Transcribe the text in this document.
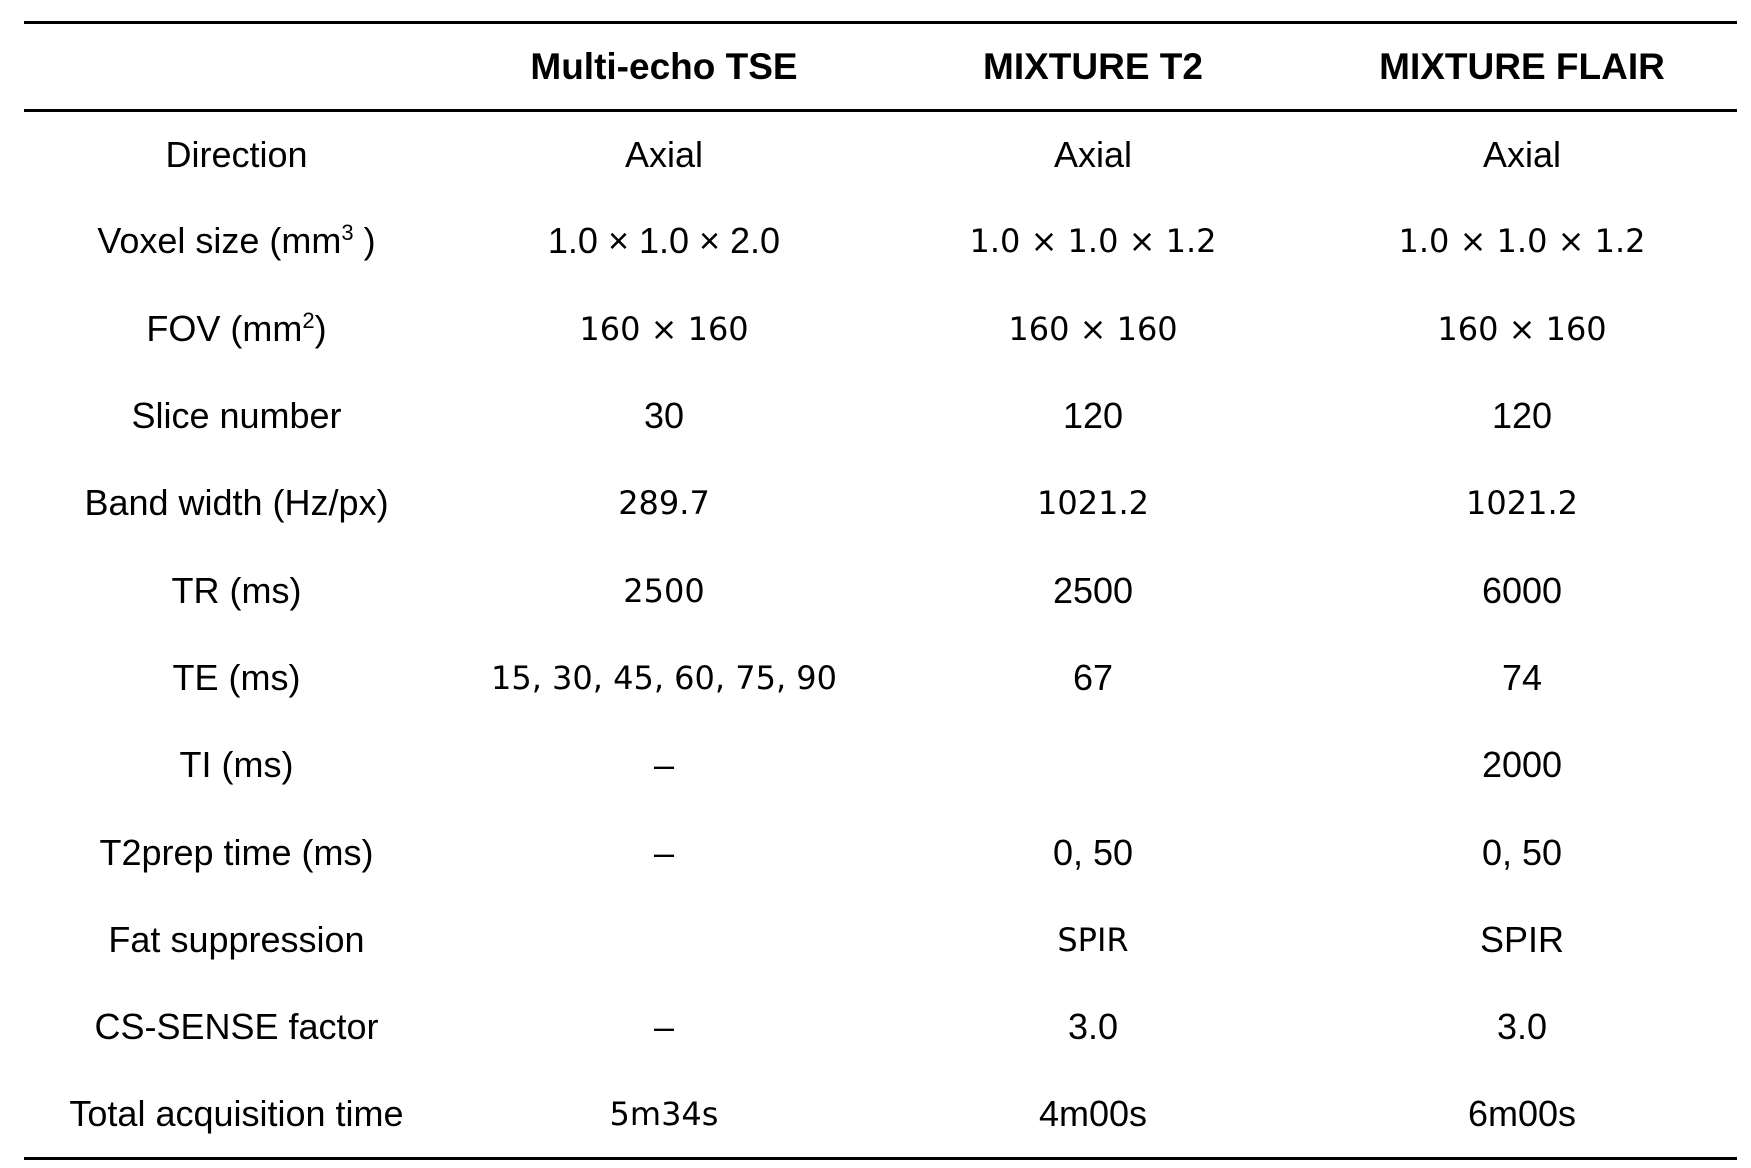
	Multi-echo TSE	MIXTURE T2	MIXTURE FLAIR
Direction	Axial	Axial	Axial
Voxel size ($mm^3$ )	1.0 × 1.0 × 2.0	1.0 × 1.0 × 1.2	1.0 × 1.0 × 1.2
FOV $(mm^2)$	160 × 160	160 × 160	160 × 160
Slice number	30	120	120
Band width (Hz/px)	289.7	1021.2	1021.2
TR (ms)	2500	2500	6000
TE (ms)	15, 30, 45, 60, 75, 90	67	74
TI (ms)	–		2000
T2prep time (ms)	–	0, 50	0, 50
Fat suppression		SPIR	SPIR
CS-SENSE factor	–	3.0	3.0
Total acquisition time	5m34s	4m00s	6m00s
